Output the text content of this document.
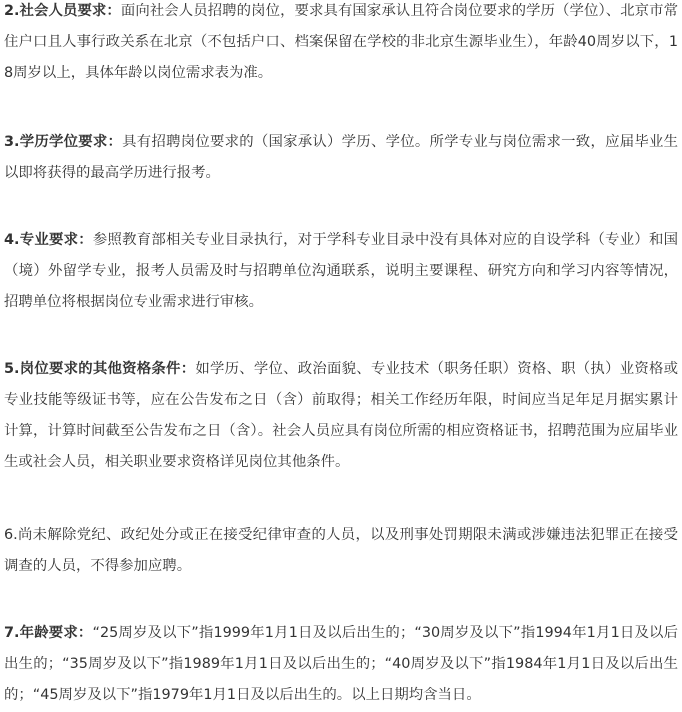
2.社会人员要求：面向社会人员招聘的岗位，要求具有国家承认且符合岗位要求的学历（学位）、北京市常住户口且人事行政关系在北京（不包括户口、档案保留在学校的非北京生源毕业生），年龄40周岁以下，18周岁以上，具体年龄以岗位需求表为准。

3.学历学位要求：具有招聘岗位要求的（国家承认）学历、学位。所学专业与岗位需求一致，应届毕业生以即将获得的最高学历进行报考。

4.专业要求：参照教育部相关专业目录执行，对于学科专业目录中没有具体对应的自设学科（专业）和国（境）外留学专业，报考人员需及时与招聘单位沟通联系，说明主要课程、研究方向和学习内容等情况，招聘单位将根据岗位专业需求进行审核。

5.岗位要求的其他资格条件：如学历、学位、政治面貌、专业技术（职务任职）资格、职（执）业资格或专业技能等级证书等，应在公告发布之日（含）前取得；相关工作经历年限，时间应当足年足月据实累计计算，计算时间截至公告发布之日（含）。社会人员应具有岗位所需的相应资格证书，招聘范围为应届毕业生或社会人员，相关职业要求资格详见岗位其他条件。

6.尚未解除党纪、政纪处分或正在接受纪律审查的人员，以及刑事处罚期限未满或涉嫌违法犯罪正在接受调查的人员，不得参加应聘。

7.年龄要求：“25周岁及以下”指1999年1月1日及以后出生的；“30周岁及以下”指1994年1月1日及以后出生的；“35周岁及以下”指1989年1月1日及以后出生的；“40周岁及以下”指1984年1月1日及以后出生的；“45周岁及以下”指1979年1月1日及以后出生的。以上日期均含当日。
